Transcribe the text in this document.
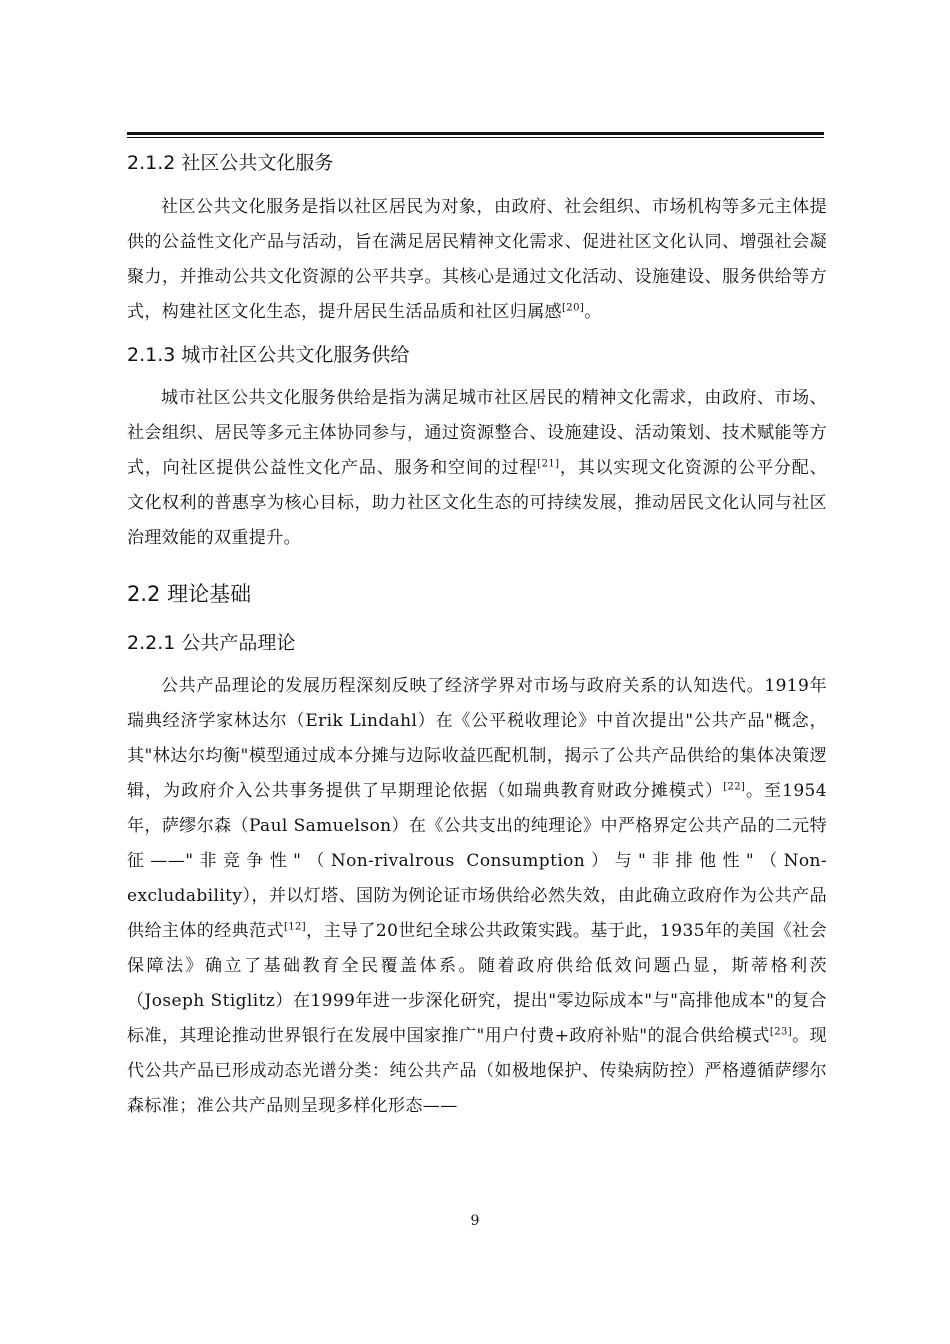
2.1.2 社区公共文化服务

社区公共文化服务是指以社区居民为对象，由政府、社会组织、市场机构等多元主体提供的公益性文化产品与活动，旨在满足居民精神文化需求、促进社区文化认同、增强社会凝聚力，并推动公共文化资源的公平共享。其核心是通过文化活动、设施建设、服务供给等方式，构建社区文化生态，提升居民生活品质和社区归属感[20]。

2.1.3 城市社区公共文化服务供给

城市社区公共文化服务供给是指为满足城市社区居民的精神文化需求，由政府、市场、社会组织、居民等多元主体协同参与，通过资源整合、设施建设、活动策划、技术赋能等方式，向社区提供公益性文化产品、服务和空间的过程[21]，其以实现文化资源的公平分配、文化权利的普惠享为核心目标，助力社区文化生态的可持续发展，推动居民文化认同与社区治理效能的双重提升。

2.2 理论基础
2.2.1 公共产品理论

公共产品理论的发展历程深刻反映了经济学界对市场与政府关系的认知迭代。1919年瑞典经济学家林达尔（Erik Lindahl）在《公平税收理论》中首次提出"公共产品"概念，其"林达尔均衡"模型通过成本分摊与边际收益匹配机制，揭示了公共产品供给的集体决策逻辑，为政府介入公共事务提供了早期理论依据（如瑞典教育财政分摊模式）[22]。至1954年，萨缪尔森（Paul Samuelson）在《公共支出的纯理论》中严格界定公共产品的二元特征——"非竞争性"（Non-rivalrous Consumption）与"非排他性"（Non-excludability），并以灯塔、国防为例论证市场供给必然失效，由此确立政府作为公共产品供给主体的经典范式[12]，主导了20世纪全球公共政策实践。基于此，1935年的美国《社会保障法》确立了基础教育全民覆盖体系。随着政府供给低效问题凸显，斯蒂格利茨（Joseph Stiglitz）在1999年进一步深化研究，提出"零边际成本"与"高排他成本"的复合标准，其理论推动世界银行在发展中国家推广"用户付费+政府补贴"的混合供给模式[23]。现代公共产品已形成动态光谱分类：纯公共产品（如极地保护、传染病防控）严格遵循萨缪尔森标准；准公共产品则呈现多样化形态——

9
